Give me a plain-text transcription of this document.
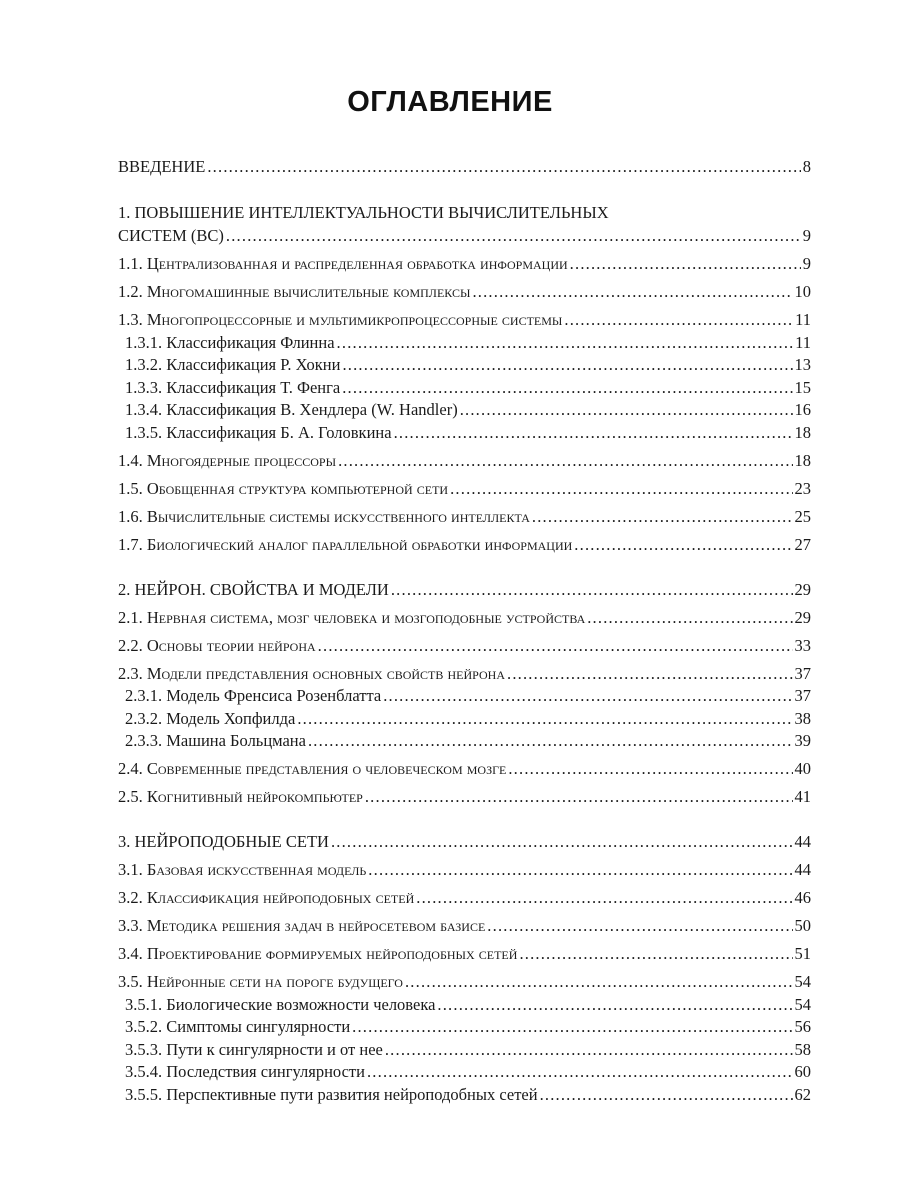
ОГЛАВЛЕНИЕ
ВВЕДЕНИЕ .....	8
1. ПОВЫШЕНИЕ ИНТЕЛЛЕКТУАЛЬНОСТИ ВЫЧИСЛИТЕЛЬНЫХ
СИСТЕМ (ВС) .....	9
1.1. Централизованная и распределенная обработка информации .....	9
1.2. Многомашинные вычислительные комплексы .....	10
1.3. Многопроцессорные и мультимикропроцессорные системы .....	11
1.3.1. Классификация Флинна .....	11
1.3.2. Классификация Р. Хокни .....	13
1.3.3. Классификация Т. Фенга .....	15
1.3.4. Классификация В. Хендлера (W. Handler) .....	16
1.3.5. Классификация Б. А. Головкина .....	18
1.4. Многоядерные процессоры .....	18
1.5. Обобщенная структура компьютерной сети .....	23
1.6. Вычислительные системы искусственного интеллекта .....	25
1.7. Биологический аналог параллельной обработки информации .....	27
2. НЕЙРОН. СВОЙСТВА И МОДЕЛИ .....	29
2.1. Нервная система, мозг человека и мозгоподобные устройства .....	29
2.2. Основы теории нейрона .....	33
2.3. Модели представления основных свойств нейрона .....	37
2.3.1. Модель Френсиса Розенблатта .....	37
2.3.2. Модель Хопфилда .....	38
2.3.3. Машина Больцмана .....	39
2.4. Современные представления о человеческом мозге .....	40
2.5. Когнитивный нейрокомпьютер .....	41
3. НЕЙРОПОДОБНЫЕ СЕТИ .....	44
3.1. Базовая искусственная модель .....	44
3.2. Классификация нейроподобных сетей .....	46
3.3. Методика решения задач в нейросетевом базисе .....	50
3.4. Проектирование формируемых нейроподобных сетей .....	51
3.5. Нейронные сети на пороге будущего .....	54
3.5.1. Биологические возможности человека .....	54
3.5.2. Симптомы сингулярности .....	56
3.5.3. Пути к сингулярности и от нее .....	58
3.5.4. Последствия сингулярности .....	60
3.5.5. Перспективные пути развития нейроподобных сетей .....	62
